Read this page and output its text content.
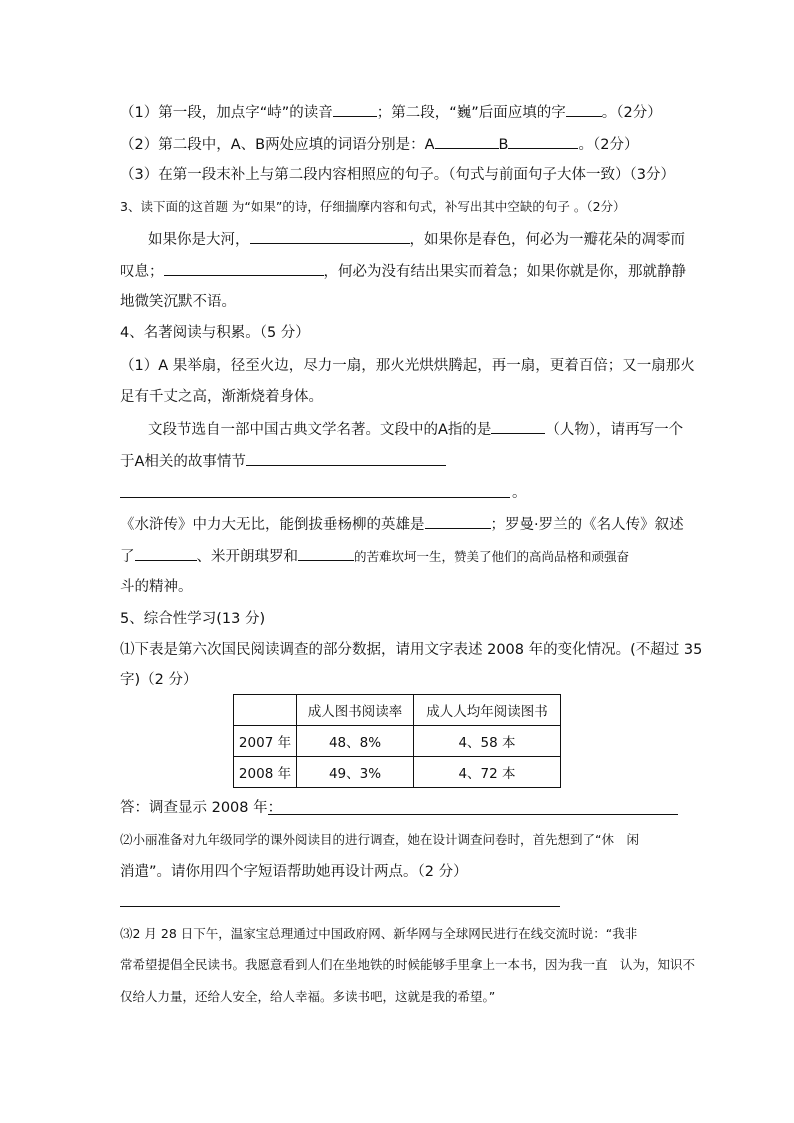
（1）第一段，加点字“峙”的读音	；第二段，“巍”后面应填的字 。（2分）
（2）第二段中，A、B两处应填的词语分别是：A	B	。（2分）
（3）在第一段末补上与第二段内容相照应的句子。（句式与前面句子大体一致）（3分）
3、读下面的这首题 为“如果”的诗，仔细揣摩内容和句式，补写出其中空缺的句子 。（2分）
如果你是大河，	，如果你是春色，何必为一瓣花朵的凋零而
叹息；	，何必为没有结出果实而着急；如果你就是你，那就静静
地微笑沉默不语。
4、名著阅读与积累。（5 分）
（1）A 果举扇，径至火边，尽力一扇，那火光烘烘腾起，再一扇，更着百倍；又一扇那火
足有千丈之高，渐渐烧着身体。
文段节选自一部中国古典文学名著。文段中的A指的是	（人物），请再写一个
于A相关的故事情节
。
《水浒传》中力大无比，能倒拔垂杨柳的英雄是	；罗曼·罗兰的《名人传》叙述
了	、米开朗琪罗和	的苦难坎坷一生，赞美了他们的高尚品格和顽强奋
斗的精神。
5、综合性学习(13 分)
⑴下表是第六次国民阅读调查的部分数据，请用文字表述 2008 年的变化情况。(不超过 35
字)（2 分）
	成人图书阅读率	成人人均年阅读图书
2007 年	48、8%	4、58 本
2008 年	49、3%	4、72 本
答：调查显示 2008 年：
⑵小丽准备对九年级同学的课外阅读目的进行调查，她在设计调查问卷时，首先想到了“休　闲
消遣”。请你用四个字短语帮助她再设计两点。（2 分）
⑶2 月 28 日下午，温家宝总理通过中国政府网、新华网与全球网民进行在线交流时说：“我非
常希望提倡全民读书。我愿意看到人们在坐地铁的时候能够手里拿上一本书，因为我一直　认为，知识不
仅给人力量，还给人安全，给人幸福。多读书吧，这就是我的希望。”
